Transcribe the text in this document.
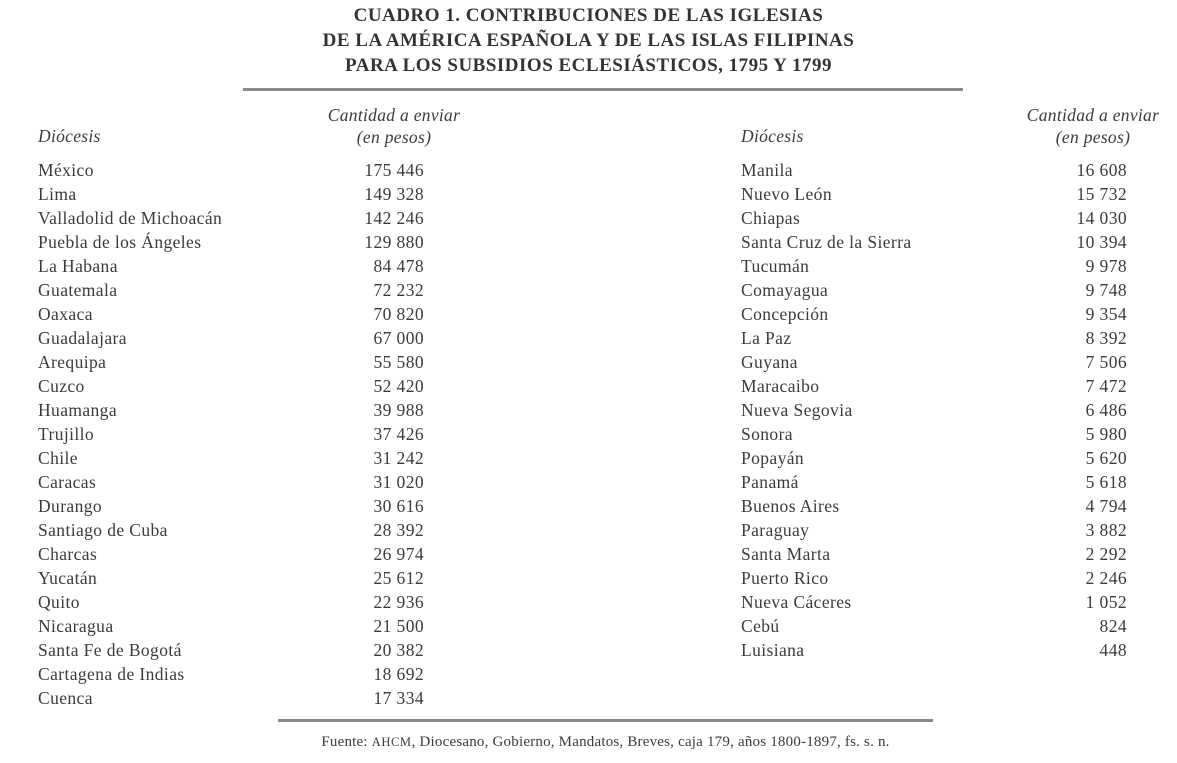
CUADRO 1. CONTRIBUCIONES DE LAS IGLESIAS
DE LA AMÉRICA ESPAÑOLA Y DE LAS ISLAS FILIPINAS
PARA LOS SUBSIDIOS ECLESIÁSTICOS, 1795 Y 1799
Diócesis
Cantidad a enviar
(en pesos)
México	175 446
Lima	149 328
Valladolid de Michoacán	142 246
Puebla de los Ángeles	129 880
La Habana	84 478
Guatemala	72 232
Oaxaca	70 820
Guadalajara	67 000
Arequipa	55 580
Cuzco	52 420
Huamanga	39 988
Trujillo	37 426
Chile	31 242
Caracas	31 020
Durango	30 616
Santiago de Cuba	28 392
Charcas	26 974
Yucatán	25 612
Quito	22 936
Nicaragua	21 500
Santa Fe de Bogotá	20 382
Cartagena de Indias	18 692
Cuenca	17 334
Diócesis
Cantidad a enviar
(en pesos)
Manila	16 608
Nuevo León	15 732
Chiapas	14 030
Santa Cruz de la Sierra	10 394
Tucumán	9 978
Comayagua	9 748
Concepción	9 354
La Paz	8 392
Guyana	7 506
Maracaibo	7 472
Nueva Segovia	6 486
Sonora	5 980
Popayán	5 620
Panamá	5 618
Buenos Aires	4 794
Paraguay	3 882
Santa Marta	2 292
Puerto Rico	2 246
Nueva Cáceres	1 052
Cebú	824
Luisiana	448
Fuente: AHCM, Diocesano, Gobierno, Mandatos, Breves, caja 179, años 1800-1897, fs. s. n.
